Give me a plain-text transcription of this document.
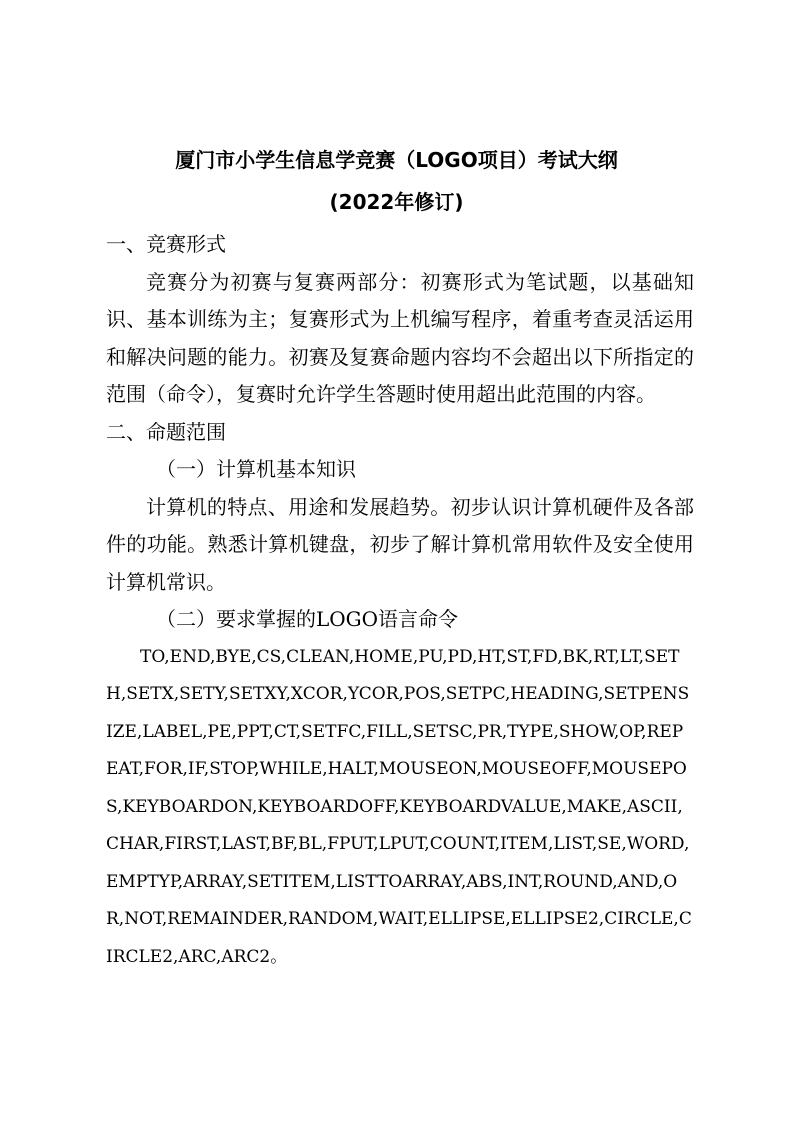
厦门市小学生信息学竞赛（LOGO项目）考试大纲
(2022年修订)

一、竞赛形式

竞赛分为初赛与复赛两部分：初赛形式为笔试题，以基础知识、基本训练为主；复赛形式为上机编写程序，着重考查灵活运用和解决问题的能力。初赛及复赛命题内容均不会超出以下所指定的范围（命令），复赛时允许学生答题时使用超出此范围的内容。

二、命题范围

（一）计算机基本知识

计算机的特点、用途和发展趋势。初步认识计算机硬件及各部件的功能。熟悉计算机键盘，初步了解计算机常用软件及安全使用计算机常识。

（二）要求掌握的LOGO语言命令

TO,END,BYE,CS,CLEAN,HOME,PU,PD,HT,ST,FD,BK,RT,LT,SETH,SETX,SETY,SETXY,XCOR,YCOR,POS,SETPC,HEADING,SETPENSIZE,LABEL,PE,PPT,CT,SETFC,FILL,SETSC,PR,TYPE,SHOW,OP,REPEAT,FOR,IF,STOP,WHILE,HALT,MOUSEON,MOUSEOFF,MOUSEPOS,KEYBOARDON,KEYBOARDOFF,KEYBOARDVALUE,MAKE,ASCII,CHAR,FIRST,LAST,BF,BL,FPUT,LPUT,COUNT,ITEM,LIST,SE,WORD,EMPTYP,ARRAY,SETITEM,LISTTOARRAY,ABS,INT,ROUND,AND,OR,NOT,REMAINDER,RANDOM,WAIT,ELLIPSE,ELLIPSE2,CIRCLE,CIRCLE2,ARC,ARC2。
